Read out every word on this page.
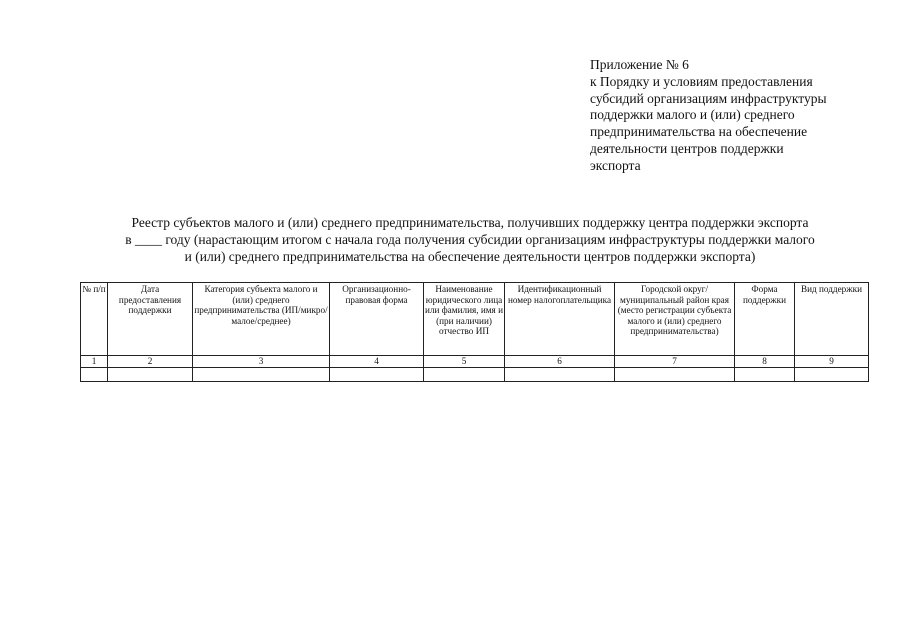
Приложение № 6
к Порядку и условиям предоставления
субсидий организациям инфраструктуры
поддержки малого и (или) среднего
предпринимательства на обеспечение
деятельности центров поддержки
экспорта
Реестр субъектов малого и (или) среднего предпринимательства, получивших поддержку центра поддержки экспорта
в ____ году (нарастающим итогом с начала года получения субсидии организациям инфраструктуры поддержки малого
и (или) среднего предпринимательства на обеспечение деятельности центров поддержки экспорта)
№ п/п	Дата предоставления поддержки	Категория субъекта малого и (или) среднего предпринимательства (ИП/микро/малое/среднее)	Организационно-правовая форма	Наименование юридического лица или фамилия, имя и (при наличии) отчество ИП	Идентификационный номер налогоплательщика	Городской округ/ муниципальный район края (место регистрации субъекта малого и (или) среднего предпринимательства)	Форма поддержки	Вид поддержки
1	2	3	4	5	6	7	8	9
